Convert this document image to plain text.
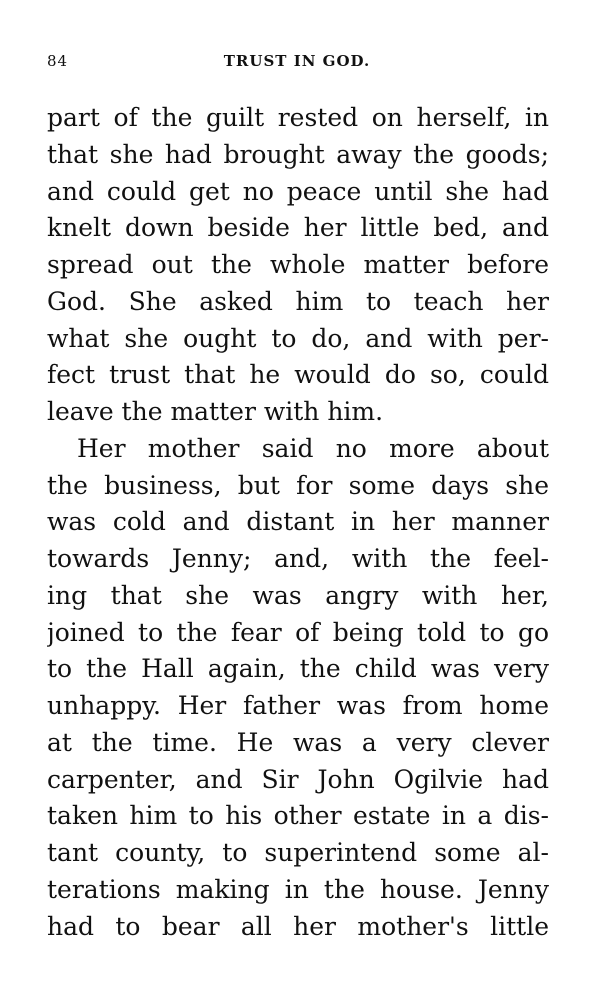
84	TRUST IN GOD.
part of the guilt rested on herself, in
that she had brought away the goods;
and could get no peace until she had
knelt down beside her little bed, and
spread out the whole matter before
God. She asked him to teach her
what she ought to do, and with per-
fect trust that he would do so, could
leave the matter with him.
Her mother said no more about
the business, but for some days she
was cold and distant in her manner
towards Jenny; and, with the feel-
ing that she was angry with her,
joined to the fear of being told to go
to the Hall again, the child was very
unhappy. Her father was from home
at the time. He was a very clever
carpenter, and Sir John Ogilvie had
taken him to his other estate in a dis-
tant county, to superintend some al-
terations making in the house. Jenny
had to bear all her mother's little
